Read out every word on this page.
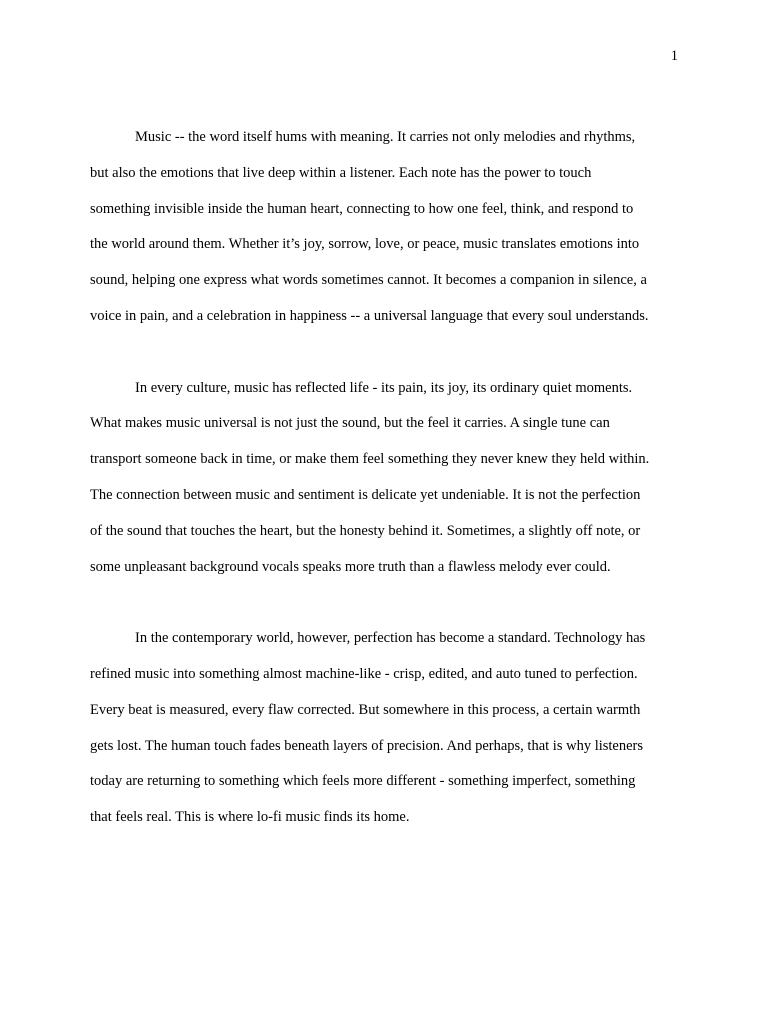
1

Music -- the word itself hums with meaning. It carries not only melodies and rhythms,
but also the emotions that live deep within a listener. Each note has the power to touch
something invisible inside the human heart, connecting to how one feel, think, and respond to
the world around them. Whether it’s joy, sorrow, love, or peace, music translates emotions into
sound, helping one express what words sometimes cannot. It becomes a companion in silence, a
voice in pain, and a celebration in happiness -- a universal language that every soul understands.

In every culture, music has reflected life - its pain, its joy, its ordinary quiet moments.
What makes music universal is not just the sound, but the feel it carries. A single tune can
transport someone back in time, or make them feel something they never knew they held within.
The connection between music and sentiment is delicate yet undeniable. It is not the perfection
of the sound that touches the heart, but the honesty behind it. Sometimes, a slightly off note, or
some unpleasant background vocals speaks more truth than a flawless melody ever could.

In the contemporary world, however, perfection has become a standard. Technology has
refined music into something almost machine-like - crisp, edited, and auto tuned to perfection.
Every beat is measured, every flaw corrected. But somewhere in this process, a certain warmth
gets lost. The human touch fades beneath layers of precision. And perhaps, that is why listeners
today are returning to something which feels more different - something imperfect, something
that feels real. This is where lo-fi music finds its home.
